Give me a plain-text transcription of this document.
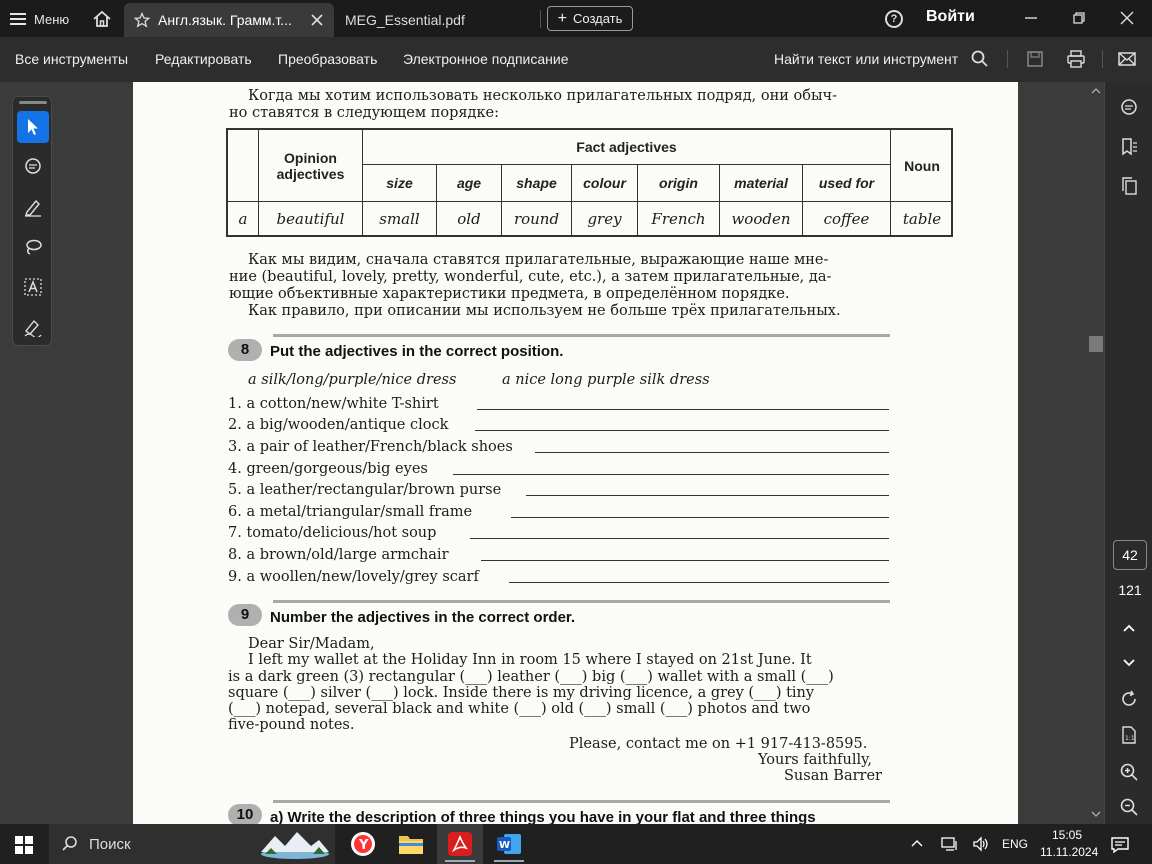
Меню	Англ.язык. Грамм.т...	MEG_Essential.pdf	+ Создать	?	Войти
Все инструменты Редактировать Преобразовать Электронное подписание	Найти текст или инструмент
Когда мы хотим использовать несколько прилагательных подряд, они обыч-
но ставятся в следующем порядке:
Opinion adjectives
Fact adjectives
size	age	shape	colour	origin	material	used for
Noun
a	beautiful	small	old	round	grey	French	wooden	coffee	table
Как мы видим, сначала ставятся прилагательные, выражающие наше мне-
ние (beautiful, lovely, pretty, wonderful, cute, etc.), а затем прилагательные, да-
ющие объективные характеристики предмета, в определённом порядке.
Как правило, при описании мы используем не больше трёх прилагательных.
8	Put the adjectives in the correct position.
a silk/long/purple/nice dress	a nice long purple silk dress
1. a cotton/new/white T-shirt
2. a big/wooden/antique clock
3. a pair of leather/French/black shoes
4. green/gorgeous/big eyes
5. a leather/rectangular/brown purse
6. a metal/triangular/small frame
7. tomato/delicious/hot soup
8. a brown/old/large armchair
9. a woollen/new/lovely/grey scarf
9	Number the adjectives in the correct order.
Dear Sir/Madam,
I left my wallet at the Holiday Inn in room 15 where I stayed on 21st June. It
is a dark green (3) rectangular (___) leather (___) big (___) wallet with a small (___)
square (___) silver (___) lock. Inside there is my driving licence, a grey (___) tiny
(___) notepad, several black and white (___) old (___) small (___) photos and two
five-pound notes.
Please, contact me on +1 917-413-8595.
Yours faithfully,
Susan Barrer
10	a) Write the description of three things you have in your flat and three things
42
121
1:1
Поиск	Y	W	ENG
15:05
11.11.2024
